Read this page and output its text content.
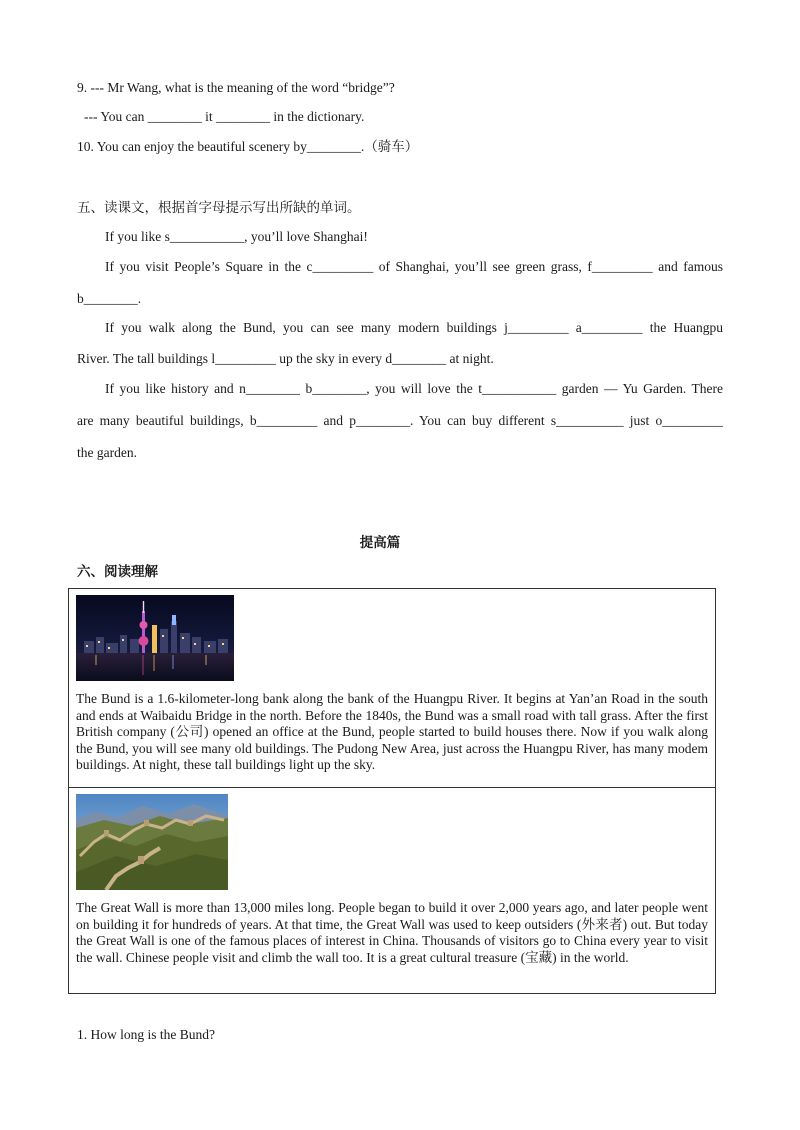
9. --- Mr Wang, what is the meaning of the word “bridge”?
--- You can ________ it ________ in the dictionary.
10. You can enjoy the beautiful scenery by________.（骑车）
五、读课文，根据首字母提示写出所缺的单词。
If you like s___________, you’ll love Shanghai!
If you visit People’s Square in the c_________ of Shanghai, you’ll see green grass, f_________ and famous
b________.
If you walk along the Bund, you can see many modern buildings j_________ a_________ the Huangpu
River. The tall buildings l_________ up the sky in every d________ at night.
If you like history and n________ b________, you will love the t___________ garden — Yu Garden. There
are many beautiful buildings, b_________ and p________. You can buy different s__________ just o_________
the garden.
提高篇
六、阅读理解
The Bund is a 1.6-kilometer-long bank along the bank of the Huangpu River. It begins at Yan’an Road in the south and ends at Waibaidu Bridge in the north. Before the 1840s, the Bund was a small road with tall grass. After the first British company (公司) opened an office at the Bund, people started to build houses there. Now if you walk along the Bund, you will see many old buildings. The Pudong New Area, just across the Huangpu River, has many modem buildings. At night, these tall buildings light up the sky.
The Great Wall is more than 13,000 miles long. People began to build it over 2,000 years ago, and later people went on building it for hundreds of years. At that time, the Great Wall was used to keep outsiders (外来者) out. But today the Great Wall is one of the famous places of interest in China. Thousands of visitors go to China every year to visit the wall. Chinese people visit and climb the wall too. It is a great cultural treasure (宝藏) in the world.
1. How long is the Bund?
